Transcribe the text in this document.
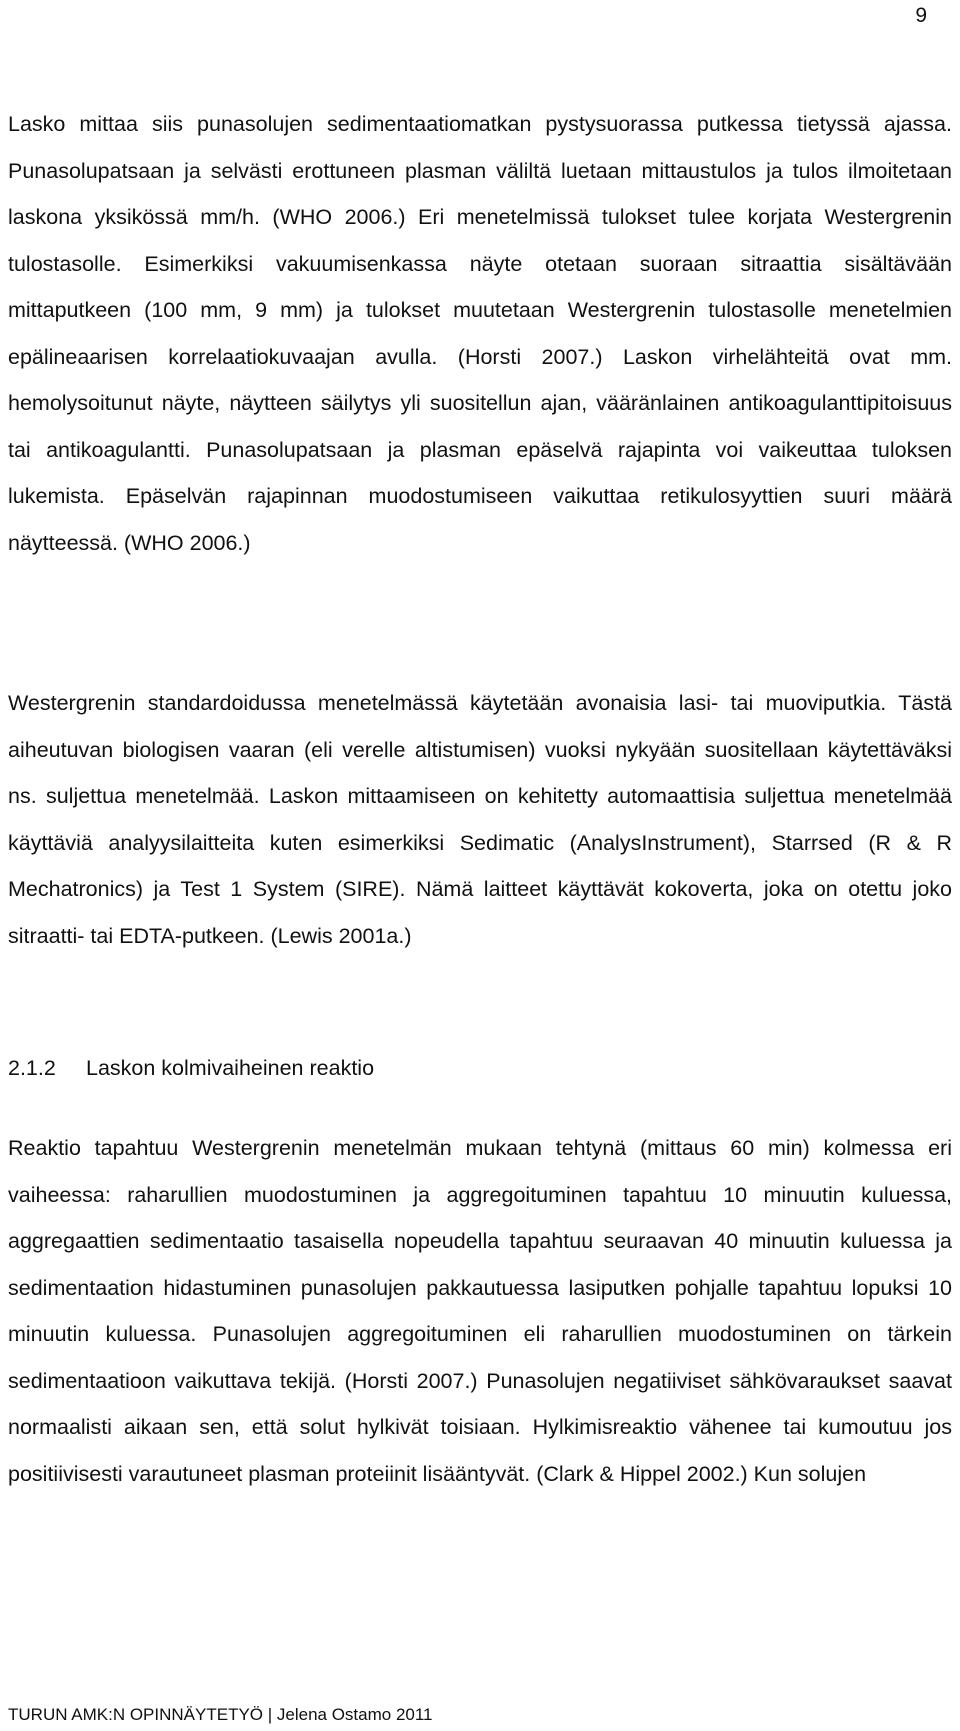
9

Lasko mittaa siis punasolujen sedimentaatiomatkan pystysuorassa putkessa tietyssä ajassa. Punasolupatsaan ja selvästi erottuneen plasman väliltä luetaan mittaustulos ja tulos ilmoitetaan laskona yksikössä mm/h. (WHO 2006.) Eri menetelmissä tulokset tulee korjata Westergrenin tulostasolle. Esimerkiksi vakuumisenkassa näyte otetaan suoraan sitraattia sisältävään mittaputkeen (100 mm, 9 mm) ja tulokset muutetaan Westergrenin tulostasolle menetelmien epälineaarisen korrelaatiokuvaajan avulla. (Horsti 2007.) Laskon virhelähteitä ovat mm. hemolysoitunut näyte, näytteen säilytys yli suositellun ajan, vääränlainen antikoagulanttipitoisuus tai antikoagulantti. Punasolupatsaan ja plasman epäselvä rajapinta voi vaikeuttaa tuloksen lukemista. Epäselvän rajapinnan muodostumiseen vaikuttaa retikulosyyttien suuri määrä näytteessä. (WHO 2006.)

Westergrenin standardoidussa menetelmässä käytetään avonaisia lasi- tai muoviputkia. Tästä aiheutuvan biologisen vaaran (eli verelle altistumisen) vuoksi nykyään suositellaan käytettäväksi ns. suljettua menetelmää. Laskon mittaamiseen on kehitetty automaattisia suljettua menetelmää käyttäviä analyysilaitteita kuten esimerkiksi Sedimatic (AnalysInstrument), Starrsed (R & R Mechatronics) ja Test 1 System (SIRE). Nämä laitteet käyttävät kokoverta, joka on otettu joko sitraatti- tai EDTA-putkeen. (Lewis 2001a.)

2.1.2 Laskon kolmivaiheinen reaktio

Reaktio tapahtuu Westergrenin menetelmän mukaan tehtynä (mittaus 60 min) kolmessa eri vaiheessa: raharullien muodostuminen ja aggregoituminen tapahtuu 10 minuutin kuluessa, aggregaattien sedimentaatio tasaisella nopeudella tapahtuu seuraavan 40 minuutin kuluessa ja sedimentaation hidastuminen punasolujen pakkautuessa lasiputken pohjalle tapahtuu lopuksi 10 minuutin kuluessa. Punasolujen aggregoituminen eli raharullien muodostuminen on tärkein sedimentaatioon vaikuttava tekijä. (Horsti 2007.) Punasolujen negatiiviset sähkövaraukset saavat normaalisti aikaan sen, että solut hylkivät toisiaan. Hylkimisreaktio vähenee tai kumoutuu jos positiivisesti varautuneet plasman proteiinit lisääntyvät. (Clark & Hippel 2002.) Kun solujen

TURUN AMK:N OPINNÄYTETYÖ | Jelena Ostamo 2011
